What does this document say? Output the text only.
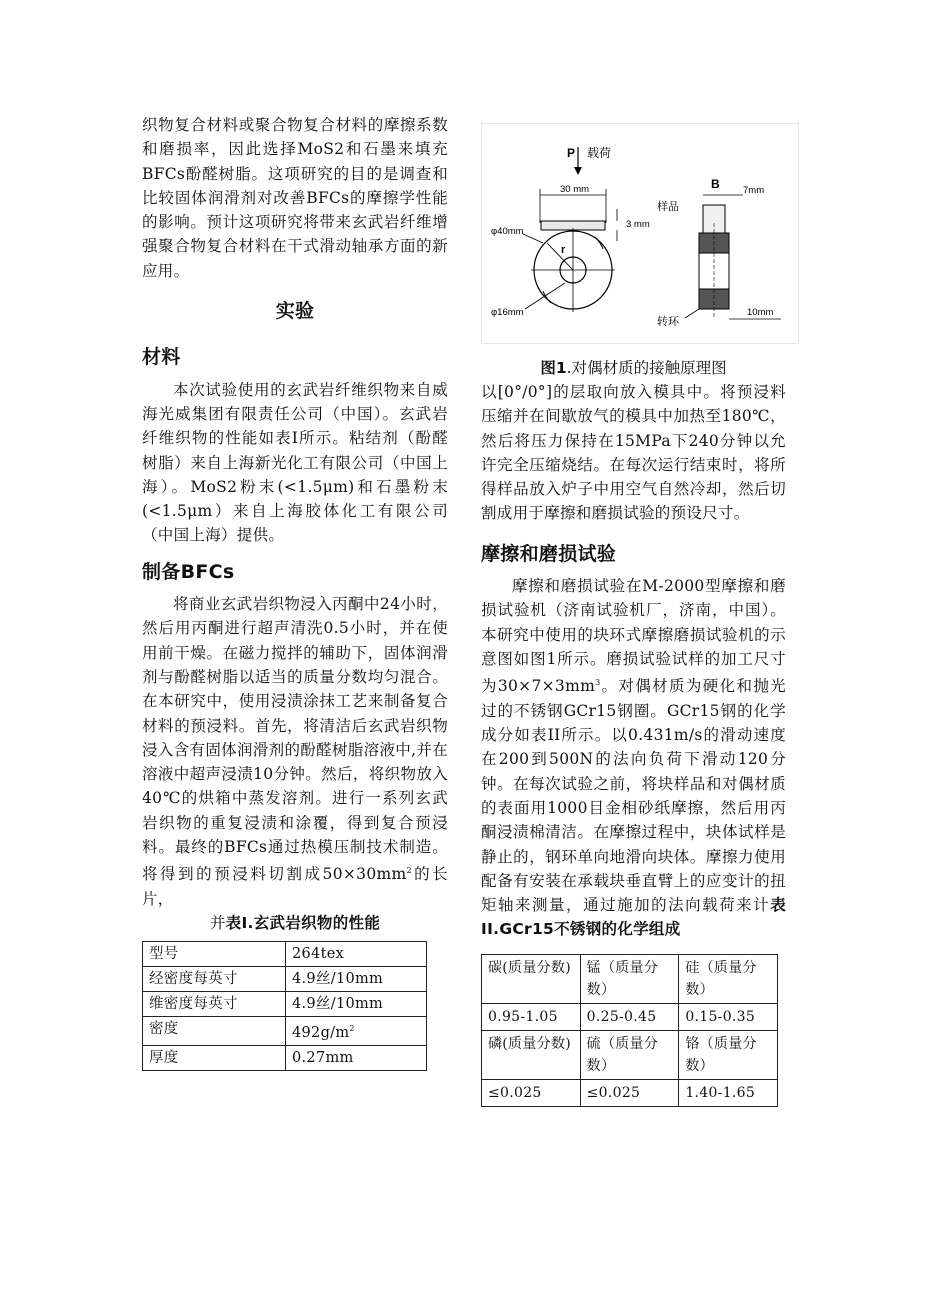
织物复合材料或聚合物复合材料的摩擦系数和磨损率，因此选择MoS2和石墨来填充BFCs酚醛树脂。这项研究的目的是调查和比较固体润滑剂对改善BFCs的摩擦学性能的影响。预计这项研究将带来玄武岩纤维增强聚合物复合材料在干式滑动轴承方面的新应用。

实验
材料

本次试验使用的玄武岩纤维织物来自威海光威集团有限责任公司（中国）。玄武岩纤维织物的性能如表I所示。粘结剂（酚醛树脂）来自上海新光化工有限公司（中国上海）。MoS2粉末(<1.5μm)和石墨粉末(<1.5μm）来自上海胶体化工有限公司（中国上海）提供。

制备BFCs

将商业玄武岩织物浸入丙酮中24小时，然后用丙酮进行超声清洗0.5小时，并在使用前干燥。在磁力搅拌的辅助下，固体润滑剂与酚醛树脂以适当的质量分数均匀混合。在本研究中，使用浸渍涂抹工艺来制备复合材料的预浸料。首先，将清洁后玄武岩织物浸入含有固体润滑剂的酚醛树脂溶液中,并在溶液中超声浸渍10分钟。然后，将织物放入40℃的烘箱中蒸发溶剂。进行一系列玄武岩织物的重复浸渍和涂覆，得到复合预浸料。最终的BFCs通过热模压制技术制造。将得到的预浸料切割成$50\times 30mm^2$的长片，

并表I.玄武岩织物的性能
型号	264tex
经密度每英寸	4.9丝/10mm
维密度每英寸	4.9丝/10mm
密度	$492g/m^2$
厚度	0.27mm
P 载荷
30 mm
3 mm
r
φ40mm
φ16mm
B 7mm
样品
转环
10mm
图1.对偶材质的接触原理图

以[0°/0°]的层取向放入模具中。将预浸料压缩并在间歇放气的模具中加热至180℃，然后将压力保持在15MPa下240分钟以允许完全压缩烧结。在每次运行结束时，将所得样品放入炉子中用空气自然冷却，然后切割成用于摩擦和磨损试验的预设尺寸。

摩擦和磨损试验

摩擦和磨损试验在M-2000型摩擦和磨损试验机（济南试验机厂，济南，中国）。本研究中使用的块环式摩擦磨损试验机的示意图如图1所示。磨损试验试样的加工尺寸为$30\times 7\times 3mm^3$。对偶材质为硬化和抛光过的不锈钢GCr15钢圈。GCr15钢的化学成分如表II所示。以0.431m/s的滑动速度在200到500N的法向负荷下滑动120分钟。在每次试验之前，将块样品和对偶材质的表面用1000目金相砂纸摩擦，然后用丙酮浸渍棉清洁。在摩擦过程中，块体试样是静止的，钢环单向地滑向块体。摩擦力使用配备有安装在承载块垂直臂上的应变计的扭矩轴来测量，通过施加的法向载荷来计表II.GCr15不锈钢的化学组成

碳(质量分数)	锰（质量分数）	硅（质量分数）
0.95-1.05	0.25-0.45	0.15-0.35
磷(质量分数)	硫（质量分数）	铬（质量分数）
≤0.025	≤0.025	1.40-1.65
